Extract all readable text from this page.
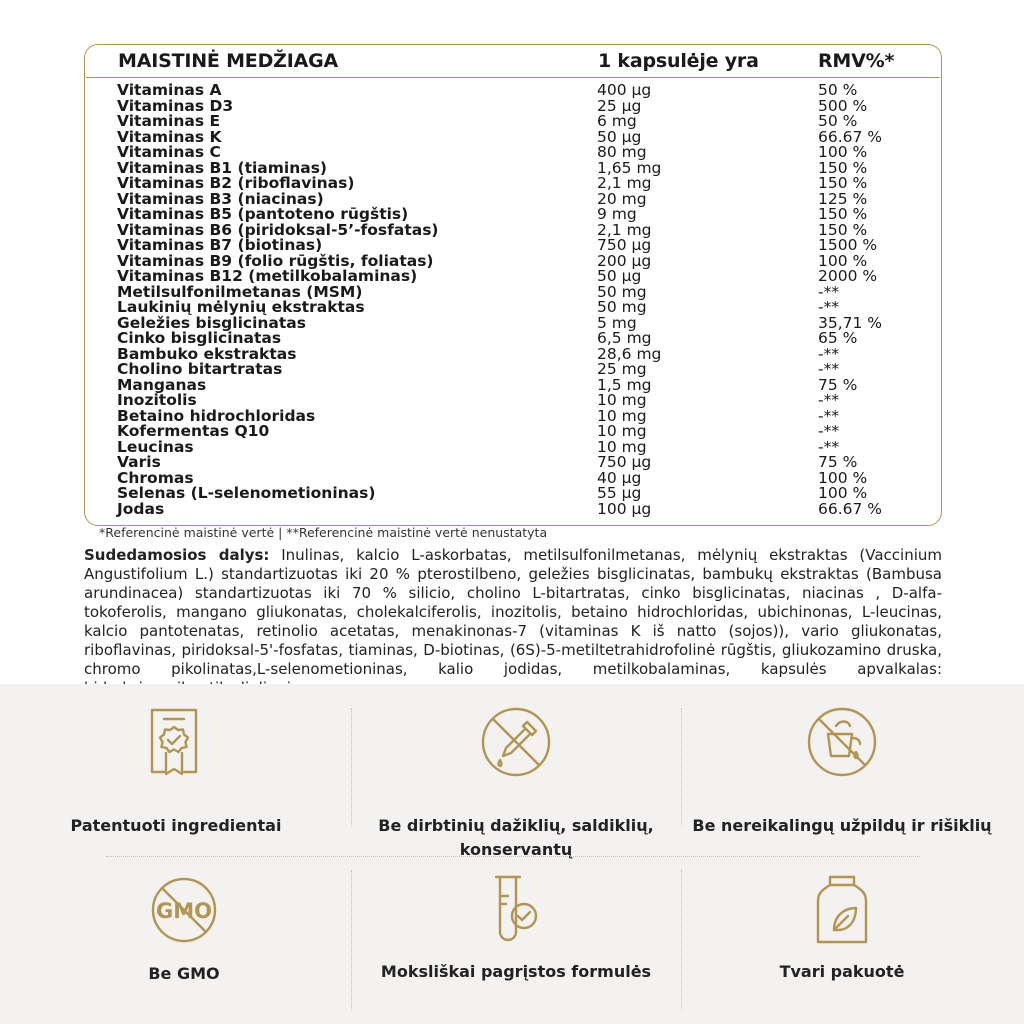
MAISTINĖ MEDŽIAGA	1 kapsulėje yra	RMV%*
Vitaminas A	400 µg	50 %
Vitaminas D3	25 µg	500 %
Vitaminas E	6 mg	50 %
Vitaminas K	50 µg	66.67 %
Vitaminas C	80 mg	100 %
Vitaminas B1 (tiaminas)	1,65 mg	150 %
Vitaminas B2 (riboflavinas)	2,1 mg	150 %
Vitaminas B3 (niacinas)	20 mg	125 %
Vitaminas B5 (pantoteno rūgštis)	9 mg	150 %
Vitaminas B6 (piridoksal-5’-fosfatas)	2,1 mg	150 %
Vitaminas B7 (biotinas)	750 µg	1500 %
Vitaminas B9 (folio rūgštis, foliatas)	200 µg	100 %
Vitaminas B12 (metilkobalaminas)	50 µg	2000 %
Metilsulfonilmetanas (MSM)	50 mg	-**
Laukinių mėlynių ekstraktas	50 mg	-**
Geležies bisglicinatas	5 mg	35,71 %
Cinko bisglicinatas	6,5 mg	65 %
Bambuko ekstraktas	28,6 mg	-**
Cholino bitartratas	25 mg	-**
Manganas	1,5 mg	75 %
Inozitolis	10 mg	-**
Betaino hidrochloridas	10 mg	-**
Kofermentas Q10	10 mg	-**
Leucinas	10 mg	-**
Varis	750 µg	75 %
Chromas	40 µg	100 %
Selenas (L-selenometioninas)	55 µg	100 %
Jodas	100 µg	66.67 %
*Referencinė maistinė vertė | **Referencinė maistinė vertė nenustatyta
Sudedamosios dalys: Inulinas, kalcio L-askorbatas, metilsulfonilmetanas, mėlynių ekstraktas (Vaccinium Angustifolium L.) standartizuotas iki 20 % pterostilbeno, geležies bisglicinatas, bambukų ekstraktas (Bambusa arundinacea) standartizuotas iki 70 % silicio, cholino L-bitartratas, cinko bisglicinatas, niacinas , D-alfa-tokoferolis, mangano gliukonatas, cholekalciferolis, inozitolis, betaino hidrochloridas, ubichinonas, L-leucinas, kalcio pantotenatas, retinolio acetatas, menakinonas-7 (vitaminas K iš natto (sojos)), vario gliukonatas, riboflavinas, piridoksal-5'-fosfatas, tiaminas, D-biotinas, (6S)-5-metiltetrahidrofolinė rūgštis, gliukozamino druska, chromo pikolinatas,L-selenometioninas, kalio jodidas, metilkobalaminas, kapsulės apvalkalas:
Patentuoti ingredientai	Be dirbtinių dažiklių, saldiklių, konservantų
Be nereikalingų užpildų ir rišiklių
GMO
Be GMO	Moksliškai pagrįstos formulės	Tvari pakuotė
